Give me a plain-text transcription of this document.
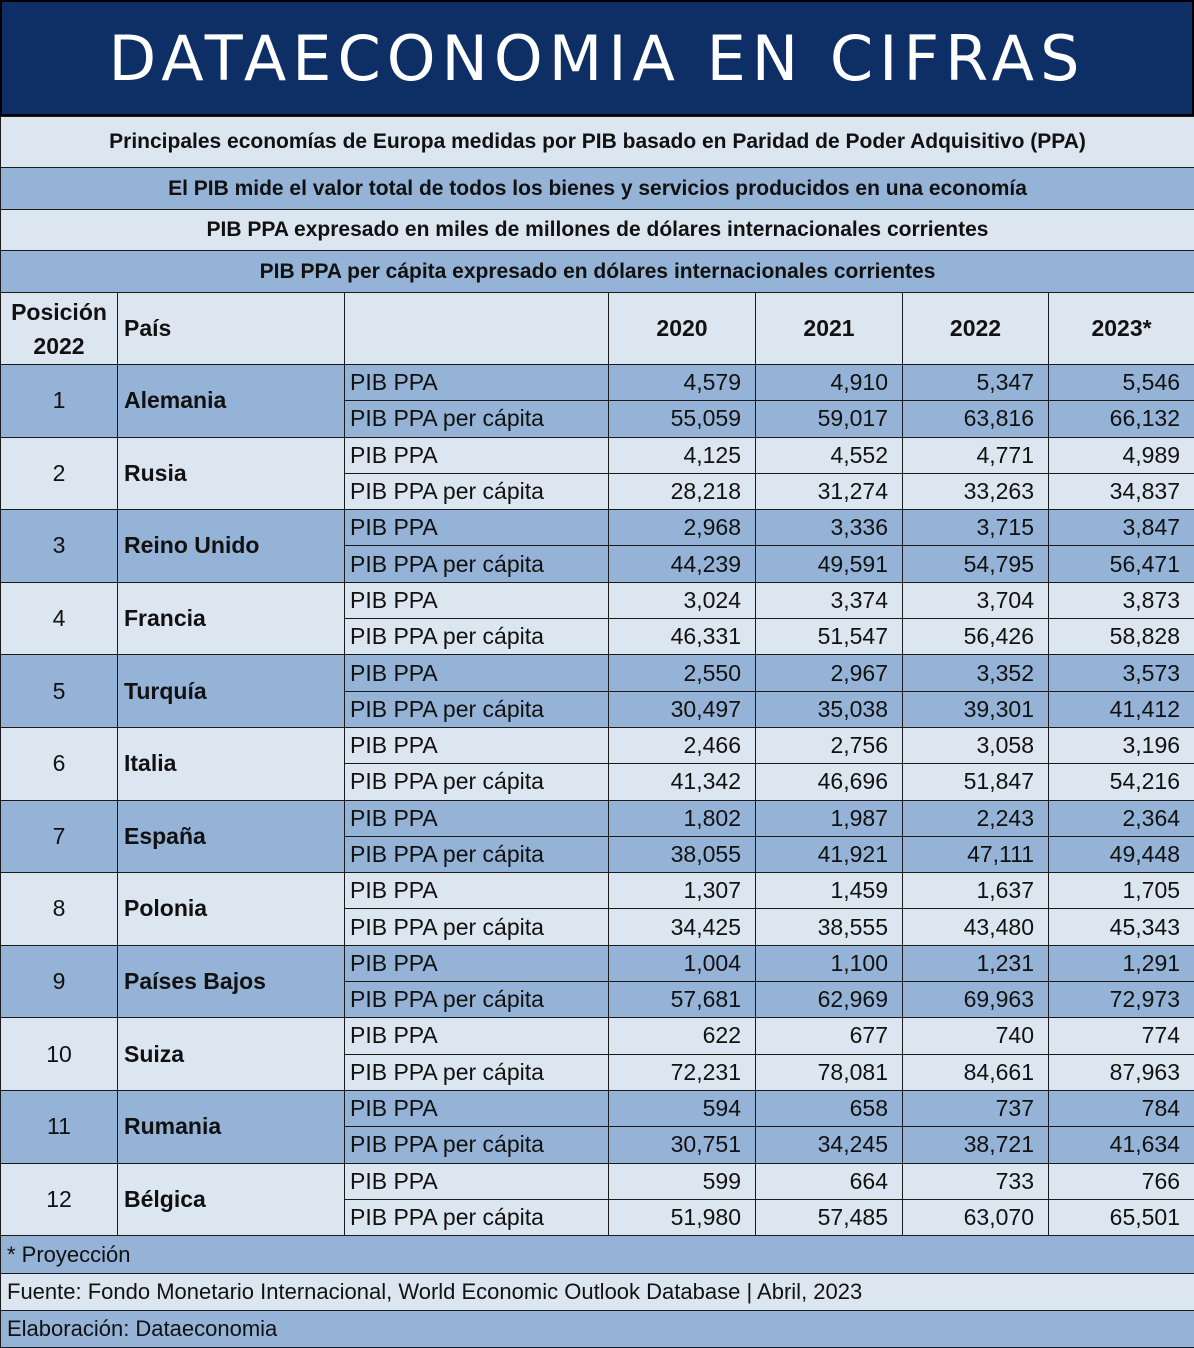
DATAECONOMIA EN CIFRAS
Principales economías de Europa medidas por PIB basado en Paridad de Poder Adquisitivo (PPA)						
El PIB mide el valor total de todos los bienes y servicios producidos en una economía						
PIB PPA expresado en miles de millones de dólares internacionales corrientes						
PIB PPA per cápita expresado en dólares internacionales corrientes						
Posición
2022	País		2020	2021	2022	2023*
1	Alemania	PIB PPA	4,579	4,910	5,347	5,546
		PIB PPA per cápita	55,059	59,017	63,816	66,132
2	Rusia	PIB PPA	4,125	4,552	4,771	4,989
		PIB PPA per cápita	28,218	31,274	33,263	34,837
3	Reino Unido	PIB PPA	2,968	3,336	3,715	3,847
		PIB PPA per cápita	44,239	49,591	54,795	56,471
4	Francia	PIB PPA	3,024	3,374	3,704	3,873
		PIB PPA per cápita	46,331	51,547	56,426	58,828
5	Turquía	PIB PPA	2,550	2,967	3,352	3,573
		PIB PPA per cápita	30,497	35,038	39,301	41,412
6	Italia	PIB PPA	2,466	2,756	3,058	3,196
		PIB PPA per cápita	41,342	46,696	51,847	54,216
7	España	PIB PPA	1,802	1,987	2,243	2,364
		PIB PPA per cápita	38,055	41,921	47,111	49,448
8	Polonia	PIB PPA	1,307	1,459	1,637	1,705
		PIB PPA per cápita	34,425	38,555	43,480	45,343
9	Países Bajos	PIB PPA	1,004	1,100	1,231	1,291
		PIB PPA per cápita	57,681	62,969	69,963	72,973
10	Suiza	PIB PPA	622	677	740	774
		PIB PPA per cápita	72,231	78,081	84,661	87,963
11	Rumania	PIB PPA	594	658	737	784
		PIB PPA per cápita	30,751	34,245	38,721	41,634
12	Bélgica	PIB PPA	599	664	733	766
		PIB PPA per cápita	51,980	57,485	63,070	65,501
* Proyección						
Fuente: Fondo Monetario Internacional, World Economic Outlook Database | Abril, 2023						
Elaboración: Dataeconomia						
